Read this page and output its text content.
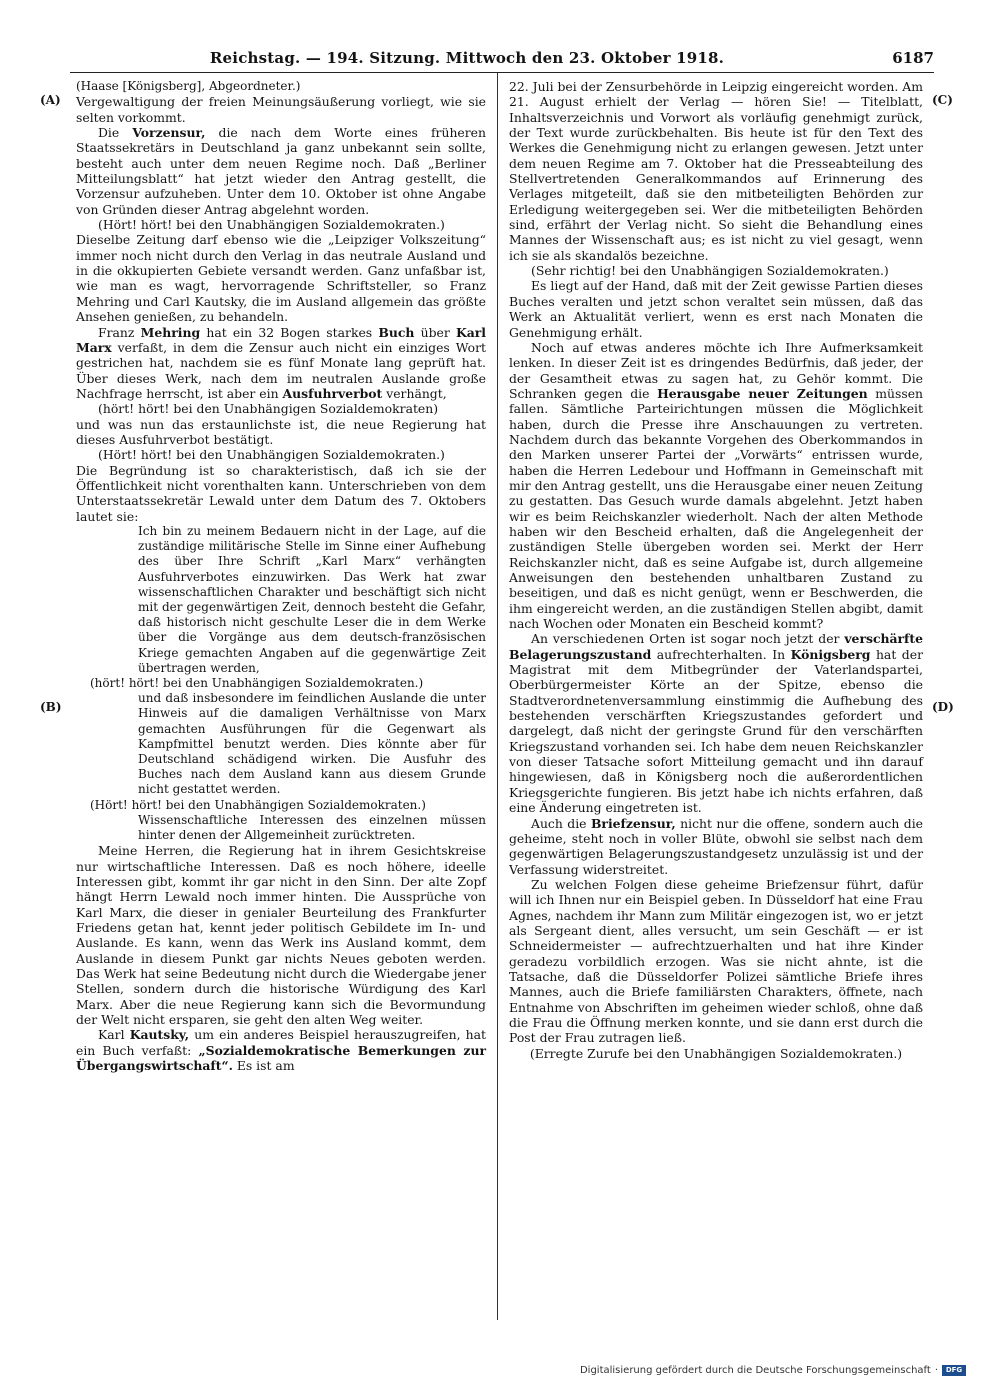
Reichstag. — 194. Sitzung. Mittwoch den 23. Oktober 1918.	6187
(A)
(B)
(C)
(D)

(Haase [Königsberg], Abgeordneter.)

Vergewaltigung der freien Meinungsäußerung vorliegt, wie sie selten vorkommt.

Die Vorzensur, die nach dem Worte eines früheren Staatssekretärs in Deutschland ja ganz unbekannt sein sollte, besteht auch unter dem neuen Regime noch. Daß „Berliner Mitteilungsblatt“ hat jetzt wieder den Antrag gestellt, die Vorzensur aufzuheben. Unter dem 10. Oktober ist ohne Angabe von Gründen dieser Antrag abgelehnt worden.

(Hört! hört! bei den Unabhängigen Sozialdemokraten.)

Dieselbe Zeitung darf ebenso wie die „Leipziger Volkszeitung“ immer noch nicht durch den Verlag in das neutrale Ausland und in die okkupierten Gebiete versandt werden. Ganz unfaßbar ist, wie man es wagt, hervorragende Schriftsteller, so Franz Mehring und Carl Kautsky, die im Ausland allgemein das größte Ansehen genießen, zu behandeln.

Franz Mehring hat ein 32 Bogen starkes Buch über Karl Marx verfaßt, in dem die Zensur auch nicht ein einziges Wort gestrichen hat, nachdem sie es fünf Monate lang geprüft hat. Über dieses Werk, nach dem im neutralen Auslande große Nachfrage herrscht, ist aber ein Ausfuhrverbot verhängt,

(hört! hört! bei den Unabhängigen Sozialdemokraten)

und was nun das erstaunlichste ist, die neue Regierung hat dieses Ausfuhrverbot bestätigt.

(Hört! hört! bei den Unabhängigen Sozialdemokraten.)

Die Begründung ist so charakteristisch, daß ich sie der Öffentlichkeit nicht vorenthalten kann. Unterschrieben von dem Unterstaatssekretär Lewald unter dem Datum des 7. Oktobers lautet sie:

Ich bin zu meinem Bedauern nicht in der Lage, auf die zuständige militärische Stelle im Sinne einer Aufhebung des über Ihre Schrift „Karl Marx“ verhängten Ausfuhrverbotes einzuwirken. Das Werk hat zwar wissenschaftlichen Charakter und beschäftigt sich nicht mit der gegenwärtigen Zeit, dennoch besteht die Gefahr, daß historisch nicht geschulte Leser die in dem Werke über die Vorgänge aus dem deutsch-französischen Kriege gemachten Angaben auf die gegenwärtige Zeit übertragen werden,

(hört! hört! bei den Unabhängigen Sozialdemokraten.)

und daß insbesondere im feindlichen Auslande die unter Hinweis auf die damaligen Verhältnisse von Marx gemachten Ausführungen für die Gegenwart als Kampfmittel benutzt werden. Dies könnte aber für Deutschland schädigend wirken. Die Ausfuhr des Buches nach dem Ausland kann aus diesem Grunde nicht gestattet werden.

(Hört! hört! bei den Unabhängigen Sozialdemokraten.)

Wissenschaftliche Interessen des einzelnen müssen hinter denen der Allgemeinheit zurücktreten.

Meine Herren, die Regierung hat in ihrem Gesichtskreise nur wirtschaftliche Interessen. Daß es noch höhere, ideelle Interessen gibt, kommt ihr gar nicht in den Sinn. Der alte Zopf hängt Herrn Lewald noch immer hinten. Die Aussprüche von Karl Marx, die dieser in genialer Beurteilung des Frankfurter Friedens getan hat, kennt jeder politisch Gebildete im In- und Auslande. Es kann, wenn das Werk ins Ausland kommt, dem Auslande in diesem Punkt gar nichts Neues geboten werden. Das Werk hat seine Bedeutung nicht durch die Wiedergabe jener Stellen, sondern durch die historische Würdigung des Karl Marx. Aber die neue Regierung kann sich die Bevormundung der Welt nicht ersparen, sie geht den alten Weg weiter.

Karl Kautsky, um ein anderes Beispiel herauszugreifen, hat ein Buch verfaßt: „Sozialdemokratische Bemerkungen zur Übergangswirtschaft“. Es ist am

22. Juli bei der Zensurbehörde in Leipzig eingereicht worden. Am 21. August erhielt der Verlag — hören Sie! — Titelblatt, Inhaltsverzeichnis und Vorwort als vorläufig genehmigt zurück, der Text wurde zurückbehalten. Bis heute ist für den Text des Werkes die Genehmigung nicht zu erlangen gewesen. Jetzt unter dem neuen Regime am 7. Oktober hat die Presseabteilung des Stellvertretenden Generalkommandos auf Erinnerung des Verlages mitgeteilt, daß sie den mitbeteiligten Behörden zur Erledigung weitergegeben sei. Wer die mitbeteiligten Behörden sind, erfährt der Verlag nicht. So sieht die Behandlung eines Mannes der Wissenschaft aus; es ist nicht zu viel gesagt, wenn ich sie als skandalös bezeichne.

(Sehr richtig! bei den Unabhängigen Sozialdemokraten.)

Es liegt auf der Hand, daß mit der Zeit gewisse Partien dieses Buches veralten und jetzt schon veraltet sein müssen, daß das Werk an Aktualität verliert, wenn es erst nach Monaten die Genehmigung erhält.

Noch auf etwas anderes möchte ich Ihre Aufmerksamkeit lenken. In dieser Zeit ist es dringendes Bedürfnis, daß jeder, der der Gesamtheit etwas zu sagen hat, zu Gehör kommt. Die Schranken gegen die Herausgabe neuer Zeitungen müssen fallen. Sämtliche Parteirichtungen müssen die Möglichkeit haben, durch die Presse ihre Anschauungen zu vertreten. Nachdem durch das bekannte Vorgehen des Oberkommandos in den Marken unserer Partei der „Vorwärts“ entrissen wurde, haben die Herren Ledebour und Hoffmann in Gemeinschaft mit mir den Antrag gestellt, uns die Herausgabe einer neuen Zeitung zu gestatten. Das Gesuch wurde damals abgelehnt. Jetzt haben wir es beim Reichskanzler wiederholt. Nach der alten Methode haben wir den Bescheid erhalten, daß die Angelegenheit der zuständigen Stelle übergeben worden sei. Merkt der Herr Reichskanzler nicht, daß es seine Aufgabe ist, durch allgemeine Anweisungen den bestehenden unhaltbaren Zustand zu beseitigen, und daß es nicht genügt, wenn er Beschwerden, die ihm eingereicht werden, an die zuständigen Stellen abgibt, damit nach Wochen oder Monaten ein Bescheid kommt?

An verschiedenen Orten ist sogar noch jetzt der verschärfte Belagerungszustand aufrechterhalten. In Königsberg hat der Magistrat mit dem Mitbegründer der Vaterlandspartei, Oberbürgermeister Körte an der Spitze, ebenso die Stadtverordnetenversammlung einstimmig die Aufhebung des bestehenden verschärften Kriegszustandes gefordert und dargelegt, daß nicht der geringste Grund für den verschärften Kriegszustand vorhanden sei. Ich habe dem neuen Reichskanzler von dieser Tatsache sofort Mitteilung gemacht und ihn darauf hingewiesen, daß in Königsberg noch die außerordentlichen Kriegsgerichte fungieren. Bis jetzt habe ich nichts erfahren, daß eine Änderung eingetreten ist.

Auch die Briefzensur, nicht nur die offene, sondern auch die geheime, steht noch in voller Blüte, obwohl sie selbst nach dem gegenwärtigen Belagerungszustandgesetz unzulässig ist und der Verfassung widerstreitet.

Zu welchen Folgen diese geheime Briefzensur führt, dafür will ich Ihnen nur ein Beispiel geben. In Düsseldorf hat eine Frau Agnes, nachdem ihr Mann zum Militär eingezogen ist, wo er jetzt als Sergeant dient, alles versucht, um sein Geschäft — er ist Schneidermeister — aufrechtzuerhalten und hat ihre Kinder geradezu vorbildlich erzogen. Was sie nicht ahnte, ist die Tatsache, daß die Düsseldorfer Polizei sämtliche Briefe ihres Mannes, auch die Briefe familiärsten Charakters, öffnete, nach Entnahme von Abschriften im geheimen wieder schloß, ohne daß die Frau die Öffnung merken konnte, und sie dann erst durch die Post der Frau zutragen ließ.

(Erregte Zurufe bei den Unabhängigen Sozialdemokraten.)

Digitalisierung gefördert durch die Deutsche Forschungsgemeinschaft ·	DFG
